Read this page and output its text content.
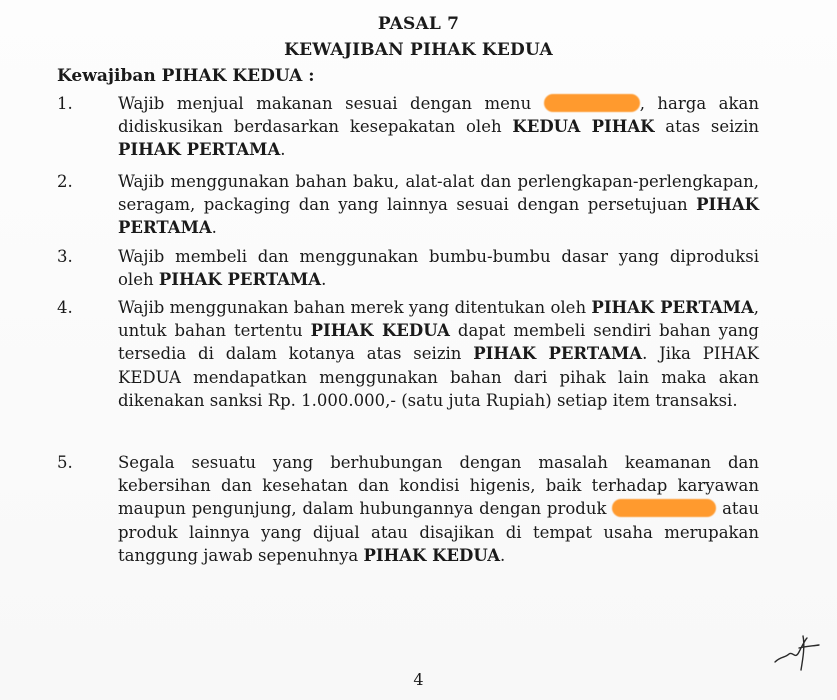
PASAL 7
KEWAJIBAN PIHAK KEDUA
Kewajiban PIHAK KEDUA :
1.	Wajib menjual makanan sesuai dengan menu	, harga akan didiskusikan berdasarkan kesepakatan oleh KEDUA PIHAK atas seizin PIHAK PERTAMA.
2.	Wajib menggunakan bahan baku, alat-alat dan perlengkapan-perlengkapan, seragam, packaging dan yang lainnya sesuai dengan persetujuan PIHAK PERTAMA.
3.	Wajib membeli dan menggunakan bumbu-bumbu dasar yang diproduksi oleh PIHAK PERTAMA.
4.	Wajib menggunakan bahan merek yang ditentukan oleh PIHAK PERTAMA, untuk bahan tertentu PIHAK KEDUA dapat membeli sendiri bahan yang tersedia di dalam kotanya atas seizin PIHAK PERTAMA. Jika PIHAK KEDUA mendapatkan menggunakan bahan dari pihak lain maka akan dikenakan sanksi Rp. 1.000.000,- (satu juta Rupiah) setiap item transaksi.
5.	Segala sesuatu yang berhubungan dengan masalah keamanan dan kebersihan dan kesehatan dan kondisi higenis, baik terhadap karyawan maupun pengunjung, dalam hubungannya dengan produk	atau produk lainnya yang dijual atau disajikan di tempat usaha merupakan tanggung jawab sepenuhnya PIHAK KEDUA.
4
